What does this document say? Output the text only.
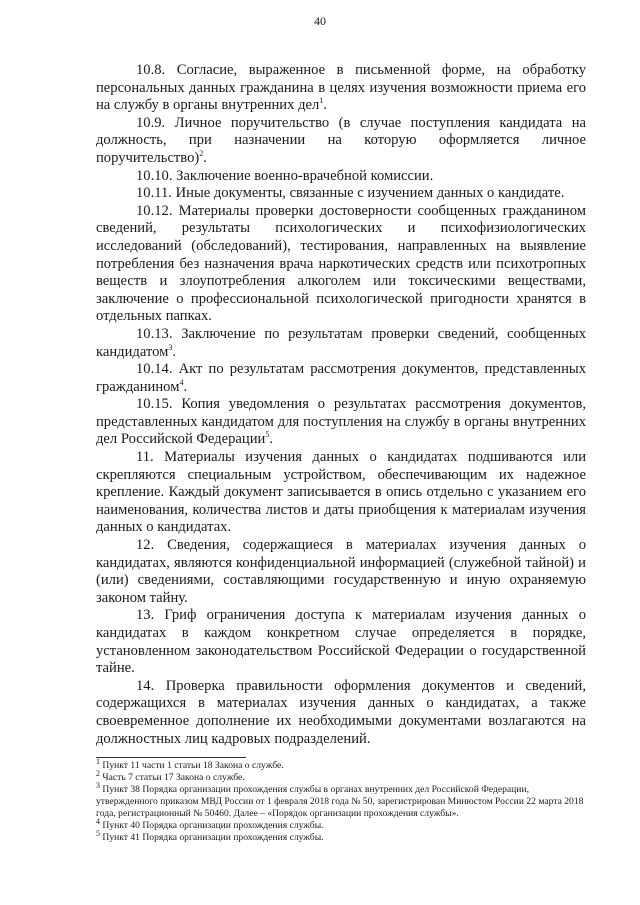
40

10.8. Согласие, выраженное в письменной форме, на обработку персональных данных гражданина в целях изучения возможности приема его на службу в органы внутренних дел$^1$.

10.9. Личное поручительство (в случае поступления кандидата на должность, при назначении на которую оформляется личное поручительство)$^2$.

10.10. Заключение военно-врачебной комиссии.

10.11. Иные документы, связанные с изучением данных о кандидате.

10.12. Материалы проверки достоверности сообщенных гражданином сведений, результаты психологических и психофизиологических исследований (обследований), тестирования, направленных на выявление потребления без назначения врача наркотических средств или психотропных веществ и злоупотребления алкоголем или токсическими веществами, заключение о профессиональной психологической пригодности хранятся в отдельных папках.

10.13. Заключение по результатам проверки сведений, сообщенных кандидатом$^3$.

10.14. Акт по результатам рассмотрения документов, представленных гражданином$^4$.

10.15. Копия уведомления о результатах рассмотрения документов, представленных кандидатом для поступления на службу в органы внутренних дел Российской Федерации$^5$.

11. Материалы изучения данных о кандидатах подшиваются или скрепляются специальным устройством, обеспечивающим их надежное крепление. Каждый документ записывается в опись отдельно с указанием его наименования, количества листов и даты приобщения к материалам изучения данных о кандидатах.

12. Сведения, содержащиеся в материалах изучения данных о кандидатах, являются конфиденциальной информацией (служебной тайной) и (или) сведениями, составляющими государственную и иную охраняемую законом тайну.

13. Гриф ограничения доступа к материалам изучения данных о кандидатах в каждом конкретном случае определяется в порядке, установленном законодательством Российской Федерации о государственной тайне.

14. Проверка правильности оформления документов и сведений, содержащихся в материалах изучения данных о кандидатах, а также своевременное дополнение их необходимыми документами возлагаются на должностных лиц кадровых подразделений.

$^1$ Пункт 11 части 1 статьи 18 Закона о службе.

$^2$ Часть 7 статьи 17 Закона о службе.

$^3$ Пункт 38 Порядка организации прохождения службы в органах внутренних дел Российской Федерации, утвержденного приказом МВД России от 1 февраля 2018 года № 50, зарегистрирован Минюстом России 22 марта 2018 года, регистрационный № 50460. Далее – «Порядок организации прохождения службы».

$^4$ Пункт 40 Порядка организации прохождения службы.

$^5$ Пункт 41 Порядка организации прохождения службы.
